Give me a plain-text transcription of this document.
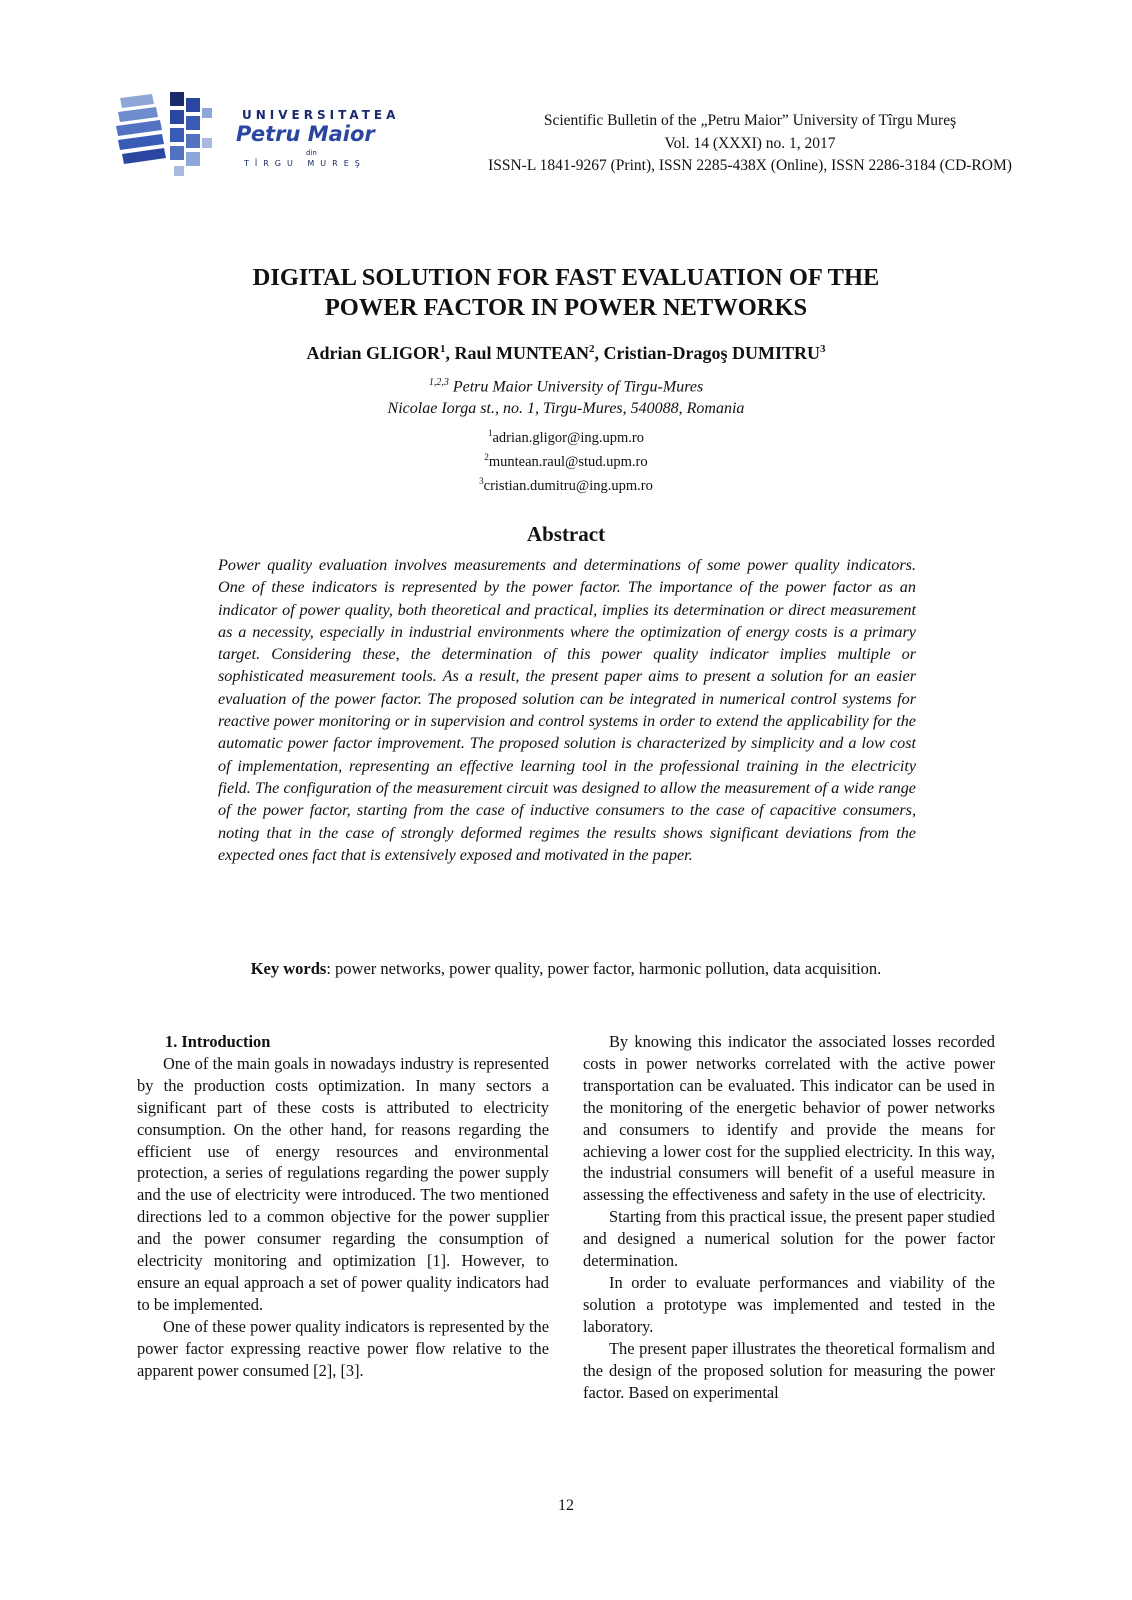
UNIVERSITATEA
Petru Maior
din
TÎRGU MUREŞ
Scientific Bulletin of the „Petru Maior” University of Tîrgu Mureş
Vol. 14 (XXXI) no. 1, 2017
ISSN-L 1841-9267 (Print), ISSN 2285-438X (Online), ISSN 2286-3184 (CD-ROM)
DIGITAL SOLUTION FOR FAST EVALUATION OF THE
POWER FACTOR IN POWER NETWORKS
Adrian GLIGOR$^1$, Raul MUNTEAN$^2$, Cristian-Dragoş DUMITRU$^3$
$^{1,2,3}$ Petru Maior University of Tirgu-Mures
Nicolae Iorga st., no. 1, Tirgu-Mures, 540088, Romania
$^1$adrian.gligor@ing.upm.ro
$^2$muntean.raul@stud.upm.ro
$^3$cristian.dumitru@ing.upm.ro
Abstract
Power quality evaluation involves measurements and determinations of some power quality indicators. One of these indicators is represented by the power factor. The importance of the power factor as an indicator of power quality, both theoretical and practical, implies its determination or direct measurement as a necessity, especially in industrial environments where the optimization of energy costs is a primary target. Considering these, the determination of this power quality indicator implies multiple or sophisticated measurement tools. As a result, the present paper aims to present a solution for an easier evaluation of the power factor. The proposed solution can be integrated in numerical control systems for reactive power monitoring or in supervision and control systems in order to extend the applicability for the automatic power factor improvement. The proposed solution is characterized by simplicity and a low cost of implementation, representing an effective learning tool in the professional training in the electricity field. The configuration of the measurement circuit was designed to allow the measurement of a wide range of the power factor, starting from the case of inductive consumers to the case of capacitive consumers, noting that in the case of strongly deformed regimes the results shows significant deviations from the expected ones fact that is extensively exposed and motivated in the paper.
Key words: power networks, power quality, power factor, harmonic pollution, data acquisition.

1. Introduction

One of the main goals in nowadays industry is represented by the production costs optimization. In many sectors a significant part of these costs is attributed to electricity consumption. On the other hand, for reasons regarding the efficient use of energy resources and environmental protection, a series of regulations regarding the power supply and the use of electricity were introduced. The two mentioned directions led to a common objective for the power supplier and the power consumer regarding the consumption of electricity monitoring and optimization [1]. However, to ensure an equal approach a set of power quality indicators had to be implemented.

One of these power quality indicators is represented by the power factor expressing reactive power flow relative to the apparent power consumed [2], [3].

By knowing this indicator the associated losses recorded costs in power networks correlated with the active power transportation can be evaluated. This indicator can be used in the monitoring of the energetic behavior of power networks and consumers to identify and provide the means for achieving a lower cost for the supplied electricity. In this way, the industrial consumers will benefit of a useful measure in assessing the effectiveness and safety in the use of electricity.

Starting from this practical issue, the present paper studied and designed a numerical solution for the power factor determination.

In order to evaluate performances and viability of the solution a prototype was implemented and tested in the laboratory.

The present paper illustrates the theoretical formalism and the design of the proposed solution for measuring the power factor. Based on experimental

12
